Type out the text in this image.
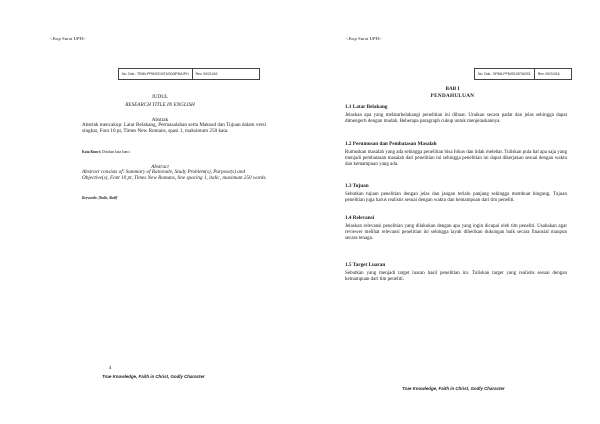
<Kop Surat UPH>
No. Dok.: TEM/LPPM/2015/TA/003/PM/UPH	Rev. 00/21016
JUDUL
RESEARCH TITLE IN ENGLISH
Abstrak
Abstrak mencakup: Latar Belakang, Permasalahan serta Maksud dan Tujuan dalam versi singkat, Font 10 pt, Times New Romans, spasi 1, maksimum 250 kata.
Kata Kunci: Diisikan kata kunci
Abstract
Abstract consists of: Summary of Rationale, Study Problem(s), Purpose(s) and Objective(s), Font 10 pt, Times New Romans, line spacing 1, italic, maximum 250 words.
Keywords: [Italic, Bold]
4
True Knowledge, Faith in Christ, Godly Character
<Kop Surat UPH>
No. Dok.: SPM/LPPM/2015/TA/001	Rev. 00/21016
BAB I
PENDAHULUAN
1.1 Latar Belakang

Jelaskan apa yang melatarbelakangi penelitian ini dibuat. Uraikan secara padat dan jelas sehingga dapat dimengerti dengan mudah. Beberapa paragraph cukup untuk menjelaskannya.

1.2 Perumusan dan Pembatasan Masalah

Rumuskan masalah yang ada sehingga penelitian bisa fokus dan tidak melebar. Tuliskan pula hal apa saja yang menjadi pembatasan masalah dari penelitian ini sehingga penelitian ini dapat dikerjakan sesuai dengan waktu dan kemampuan yang ada.

1.3 Tujuan

Sebutkan tujuan penelitian dengan jelas dan jangan terlalu panjang sehingga membuat bingung. Tujuan penelitian juga harus realistis sesuai dengan waktu dan kemampuan dari tim peneliti.

1.4 Relevansi

Jelaskan relevansi penelitian yang dilakukan dengan apa yang ingin dicapai oleh tim peneliti. Usahakan agar reviewer melihat relevansi penelitian ini sehingga layak diberikan dukungan baik secara finansial maupun secara tenaga.

1.5 Target Luaran

Sebutkan yang menjadi target luaran hasil penelitian ini. Tuliskan target yang realistis sesuai dengan kemampuan dari tim peneliti.

True Knowledge, Faith in Christ, Godly Character
